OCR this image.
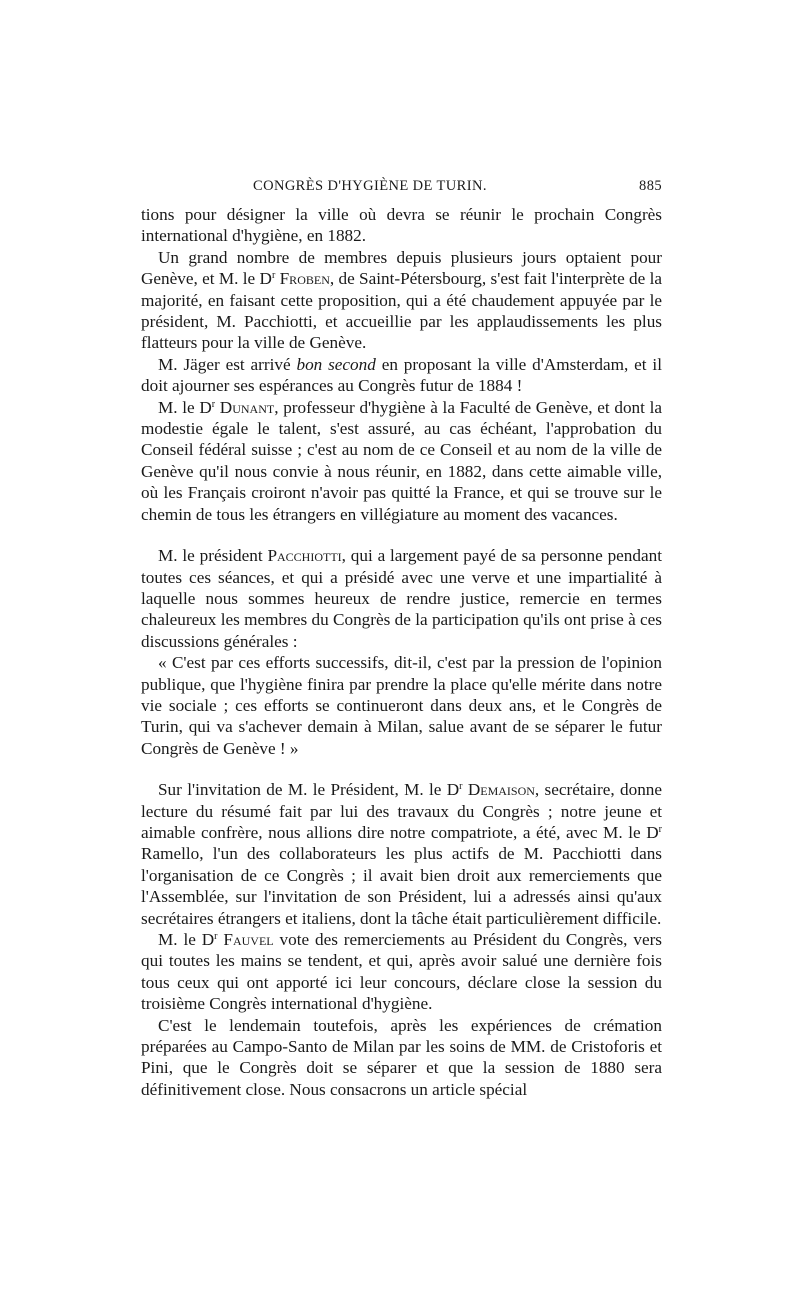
CONGRÈS D'HYGIÈNE DE TURIN.	885

tions pour désigner la ville où devra se réunir le prochain Congrès international d'hygiène, en 1882.

Un grand nombre de membres depuis plusieurs jours optaient pour Genève, et M. le $D^r$ Froben, de Saint-Pétersbourg, s'est fait l'interprète de la majorité, en faisant cette proposition, qui a été chaudement appuyée par le président, M. Pacchiotti, et accueillie par les applaudissements les plus flatteurs pour la ville de Genève.

M. Jäger est arrivé bon second en proposant la ville d'Amsterdam, et il doit ajourner ses espérances au Congrès futur de 1884 !

M. le $D^r$ Dunant, professeur d'hygiène à la Faculté de Genève, et dont la modestie égale le talent, s'est assuré, au cas échéant, l'approbation du Conseil fédéral suisse ; c'est au nom de ce Conseil et au nom de la ville de Genève qu'il nous convie à nous réunir, en 1882, dans cette aimable ville, où les Français croiront n'avoir pas quitté la France, et qui se trouve sur le chemin de tous les étrangers en villégiature au moment des vacances.

M. le président Pacchiotti, qui a largement payé de sa personne pendant toutes ces séances, et qui a présidé avec une verve et une impartialité à laquelle nous sommes heureux de rendre justice, remercie en termes chaleureux les membres du Congrès de la participation qu'ils ont prise à ces discussions générales :

« C'est par ces efforts successifs, dit-il, c'est par la pression de l'opinion publique, que l'hygiène finira par prendre la place qu'elle mérite dans notre vie sociale ; ces efforts se continueront dans deux ans, et le Congrès de Turin, qui va s'achever demain à Milan, salue avant de se séparer le futur Congrès de Genève ! »

Sur l'invitation de M. le Président, M. le $D^r$ Demaison, secrétaire, donne lecture du résumé fait par lui des travaux du Congrès ; notre jeune et aimable confrère, nous allions dire notre compatriote, a été, avec M. le $D^r$ Ramello, l'un des collaborateurs les plus actifs de M. Pacchiotti dans l'organisation de ce Congrès ; il avait bien droit aux remerciements que l'Assemblée, sur l'invitation de son Président, lui a adressés ainsi qu'aux secrétaires étrangers et italiens, dont la tâche était particulièrement difficile.

M. le $D^r$ Fauvel vote des remerciements au Président du Congrès, vers qui toutes les mains se tendent, et qui, après avoir salué une dernière fois tous ceux qui ont apporté ici leur concours, déclare close la session du troisième Congrès international d'hygiène.

C'est le lendemain toutefois, après les expériences de crémation préparées au Campo-Santo de Milan par les soins de MM. de Cristoforis et Pini, que le Congrès doit se séparer et que la session de 1880 sera définitivement close. Nous consacrons un article spécial
